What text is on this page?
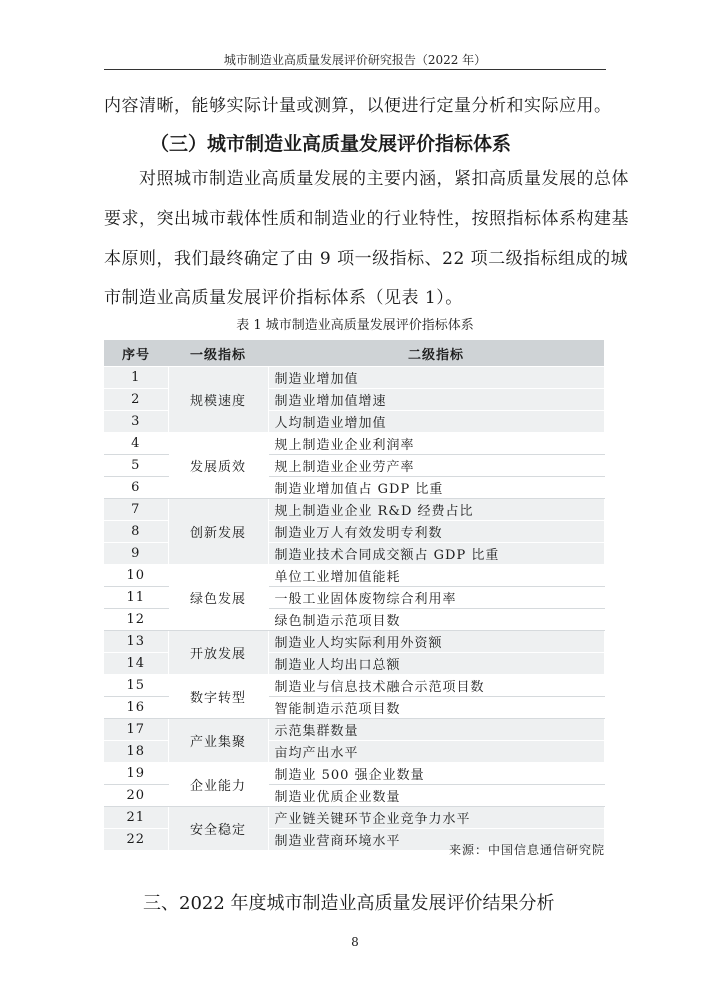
城市制造业高质量发展评价研究报告（2022 年）
内容清晰，能够实际计量或测算，以便进行定量分析和实际应用。
（三）城市制造业高质量发展评价指标体系
对照城市制造业高质量发展的主要内涵，紧扣高质量发展的总体
要求，突出城市载体性质和制造业的行业特性，按照指标体系构建基
本原则，我们最终确定了由 9 项一级指标、22 项二级指标组成的城
市制造业高质量发展评价指标体系（见表 1）。
表 1 城市制造业高质量发展评价指标体系
序号	一级指标	二级指标
1	规模速度	制造业增加值
2		制造业增加值增速
3		人均制造业增加值
4	发展质效	规上制造业企业利润率
5		规上制造业企业劳产率
6		制造业增加值占 GDP 比重
7	创新发展	规上制造业企业 R&D 经费占比
8		制造业万人有效发明专利数
9		制造业技术合同成交额占 GDP 比重
10	绿色发展	单位工业增加值能耗
11		一般工业固体废物综合利用率
12		绿色制造示范项目数
13	开放发展	制造业人均实际利用外资额
14		制造业人均出口总额
15	数字转型	制造业与信息技术融合示范项目数
16		智能制造示范项目数
17	产业集聚	示范集群数量
18		亩均产出水平
19	企业能力	制造业 500 强企业数量
20		制造业优质企业数量
21	安全稳定	产业链关键环节企业竞争力水平
22		制造业营商环境水平
来源：中国信息通信研究院
三、2022 年度城市制造业高质量发展评价结果分析
8
